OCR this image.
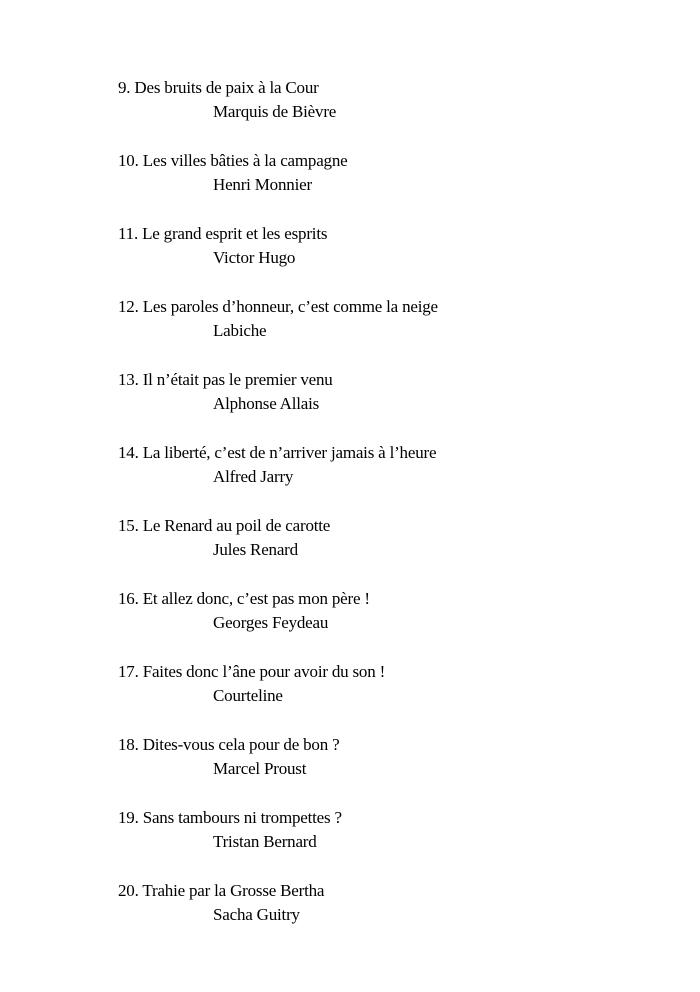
9. Des bruits de paix à la Cour
Marquis de Bièvre
10. Les villes bâties à la campagne
Henri Monnier
11. Le grand esprit et les esprits
Victor Hugo
12. Les paroles d’honneur, c’est comme la neige
Labiche
13. Il n’était pas le premier venu
Alphonse Allais
14. La liberté, c’est de n’arriver jamais à l’heure
Alfred Jarry
15. Le Renard au poil de carotte
Jules Renard
16. Et allez donc, c’est pas mon père !
Georges Feydeau
17. Faites donc l’âne pour avoir du son !
Courteline
18. Dites-vous cela pour de bon ?
Marcel Proust
19. Sans tambours ni trompettes ?
Tristan Bernard
20. Trahie par la Grosse Bertha
Sacha Guitry
